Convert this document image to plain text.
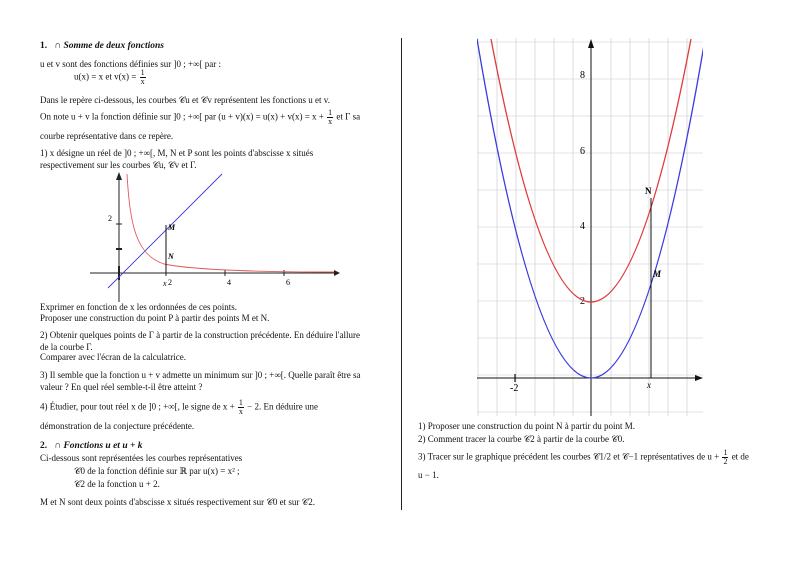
1. ∩ Somme de deux fonctions
u et v sont des fonctions définies sur ]0 ; +∞[ par :
u(x) = x et $v(x) = \frac{1}{x}$
Dans le repère ci-dessous, les courbes 𝒞u et 𝒞v représentent les fonctions u et v.
On note u + v la fonction définie sur ]0 ; +∞[ par $(u + v)(x) = u(x) + v(x) = x + \frac{1}{x}$ et Γ sa
courbe représentative dans ce repère.
1) x désigne un réel de ]0 ; +∞[, M, N et P sont les points d'abscisse x situés
respectivement sur les courbes 𝒞u, 𝒞v et Γ.
2	4	6
2
M
N
x
Exprimer en fonction de x les ordonnées de ces points.
Proposer une construction du point P à partir des points M et N.
2) Obtenir quelques points de Γ à partir de la construction précédente. En déduire l'allure
de la courbe Γ.
Comparer avec l'écran de la calculatrice.
3) Il semble que la fonction u + v admette un minimum sur ]0 ; +∞[. Quelle paraît être sa
valeur ? En quel réel semble-t-il être atteint ?
4) Étudier, pour tout réel x de ]0 ; +∞[, le signe de $x + \frac{1}{x} - 2$. En déduire une
démonstration de la conjecture précédente.
2. ∩ Fonctions u et u + k
Ci-dessous sont représentées les courbes représentatives
𝒞0 de la fonction définie sur ℝ par u(x) = x² ;
𝒞2 de la fonction u + 2.
M et N sont deux points d'abscisse x situés respectivement sur 𝒞0 et sur 𝒞2.
8
6
4
2
-2
N
M
x
1) Proposer une construction du point N à partir du point M.
2) Comment tracer la courbe 𝒞2 à partir de la courbe 𝒞0.
3) Tracer sur le graphique précédent les courbes 𝒞1/2 et 𝒞−1 représentatives de $u + \frac{1}{2}$ et de
u − 1.
